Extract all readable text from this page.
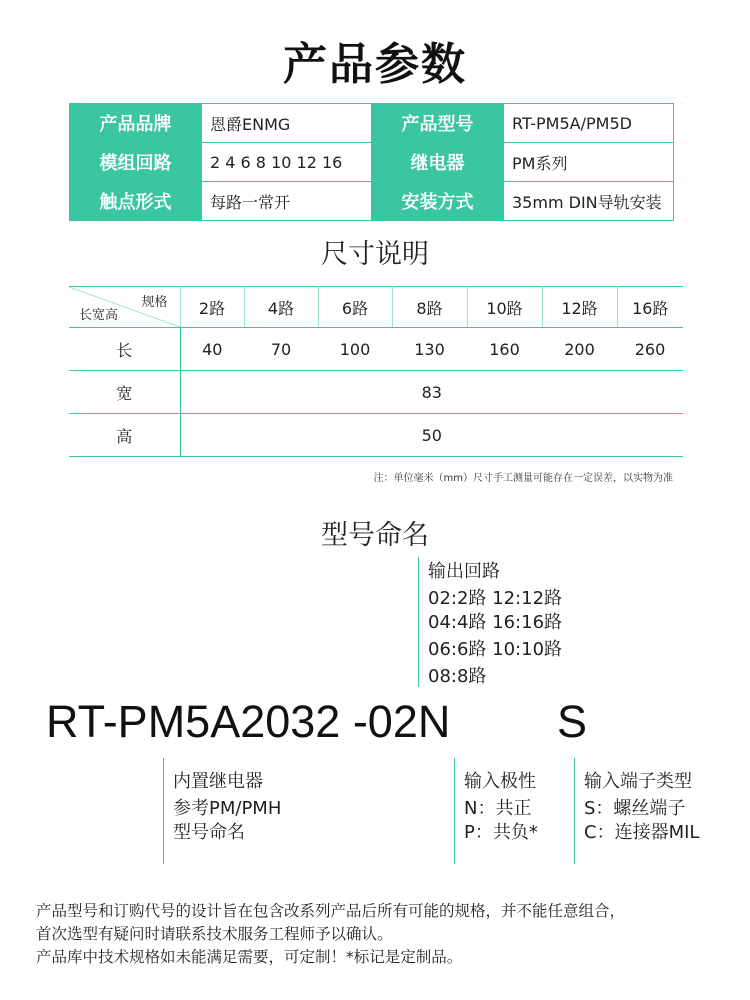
产品参数
产品品牌	恩爵ENMG	产品型号	RT-PM5A/PM5D
模组回路	2 4 6 8 10 12 16	继电器	PM系列
触点形式	每路一常开	安装方式	35mm DIN导轨安装
尺寸说明
规格
长宽高	2路	4路	6路	8路	10路	12路	16路
长	40	70	100	130	160	200	260
宽	83						
高	50						
注：单位毫米（mm）尺寸手工测量可能存在一定误差，以实物为准
型号命名
输出回路
02:2路 12:12路
04:4路 16:16路
06:6路 10:10路
08:8路
RT-PM5A2032 -02N S
内置继电器
参考PM/PMH
型号命名
输入极性
N：共正
P：共负*
输入端子类型
S：螺丝端子
C：连接器MIL
产品型号和订购代号的设计旨在包含改系列产品后所有可能的规格，并不能任意组合，
首次选型有疑问时请联系技术服务工程师予以确认。
产品库中技术规格如未能满足需要，可定制！*标记是定制品。
